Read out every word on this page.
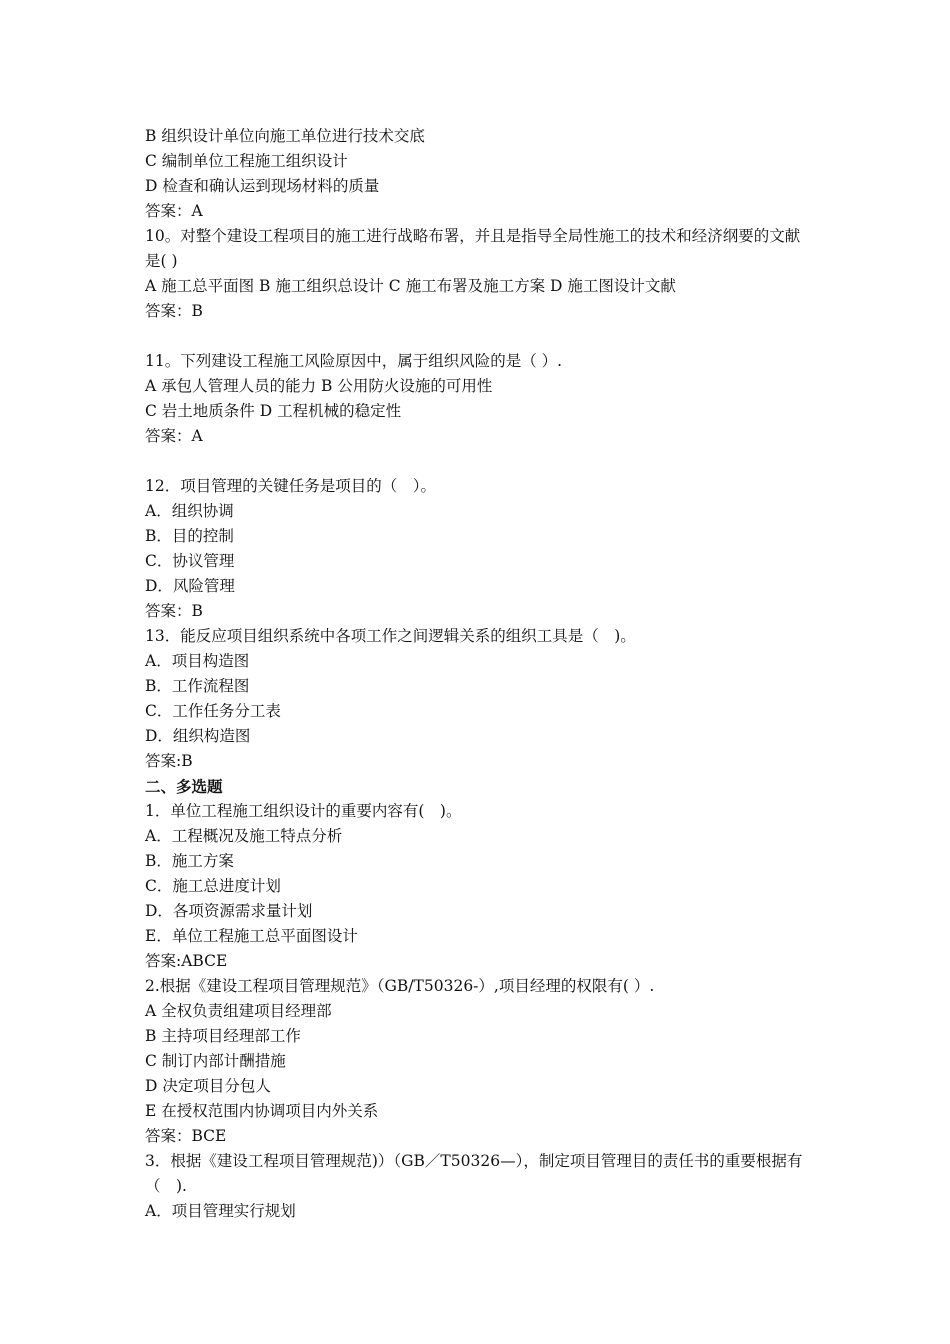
B 组织设计单位向施工单位进行技术交底
C 编制单位工程施工组织设计
D 检查和确认运到现场材料的质量
答案：A
10。对整个建设工程项目的施工进行战略布署，并且是指导全局性施工的技术和经济纲要的文献是( )
A 施工总平面图 B 施工组织总设计 C 施工布署及施工方案 D 施工图设计文献
答案：B
11。下列建设工程施工风险原因中，属于组织风险的是（ ）.
A 承包人管理人员的能力 B 公用防火设施的可用性
C 岩土地质条件 D 工程机械的稳定性
答案：A
12．项目管理的关键任务是项目的（　）。
A．组织协调
B．目的控制
C．协议管理
D．风险管理
答案：B
13．能反应项目组织系统中各项工作之间逻辑关系的组织工具是（　)。
A．项目构造图
B．工作流程图
C．工作任务分工表
D．组织构造图
答案:B
二、多选题
1．单位工程施工组织设计的重要内容有(　)。
A．工程概况及施工特点分析
B．施工方案
C．施工总进度计划
D．各项资源需求量计划
E．单位工程施工总平面图设计
答案:ABCE
2.根据《建设工程项目管理规范》（GB/T50326-）,项目经理的权限有( ）.
A 全权负责组建项目经理部
B 主持项目经理部工作
C 制订内部计酬措施
D 决定项目分包人
E 在授权范围内协调项目内外关系
答案：BCE
3．根据《建设工程项目管理规范)）（GB／T50326—），制定项目管理目的责任书的重要根据有（　).
A．项目管理实行规划
